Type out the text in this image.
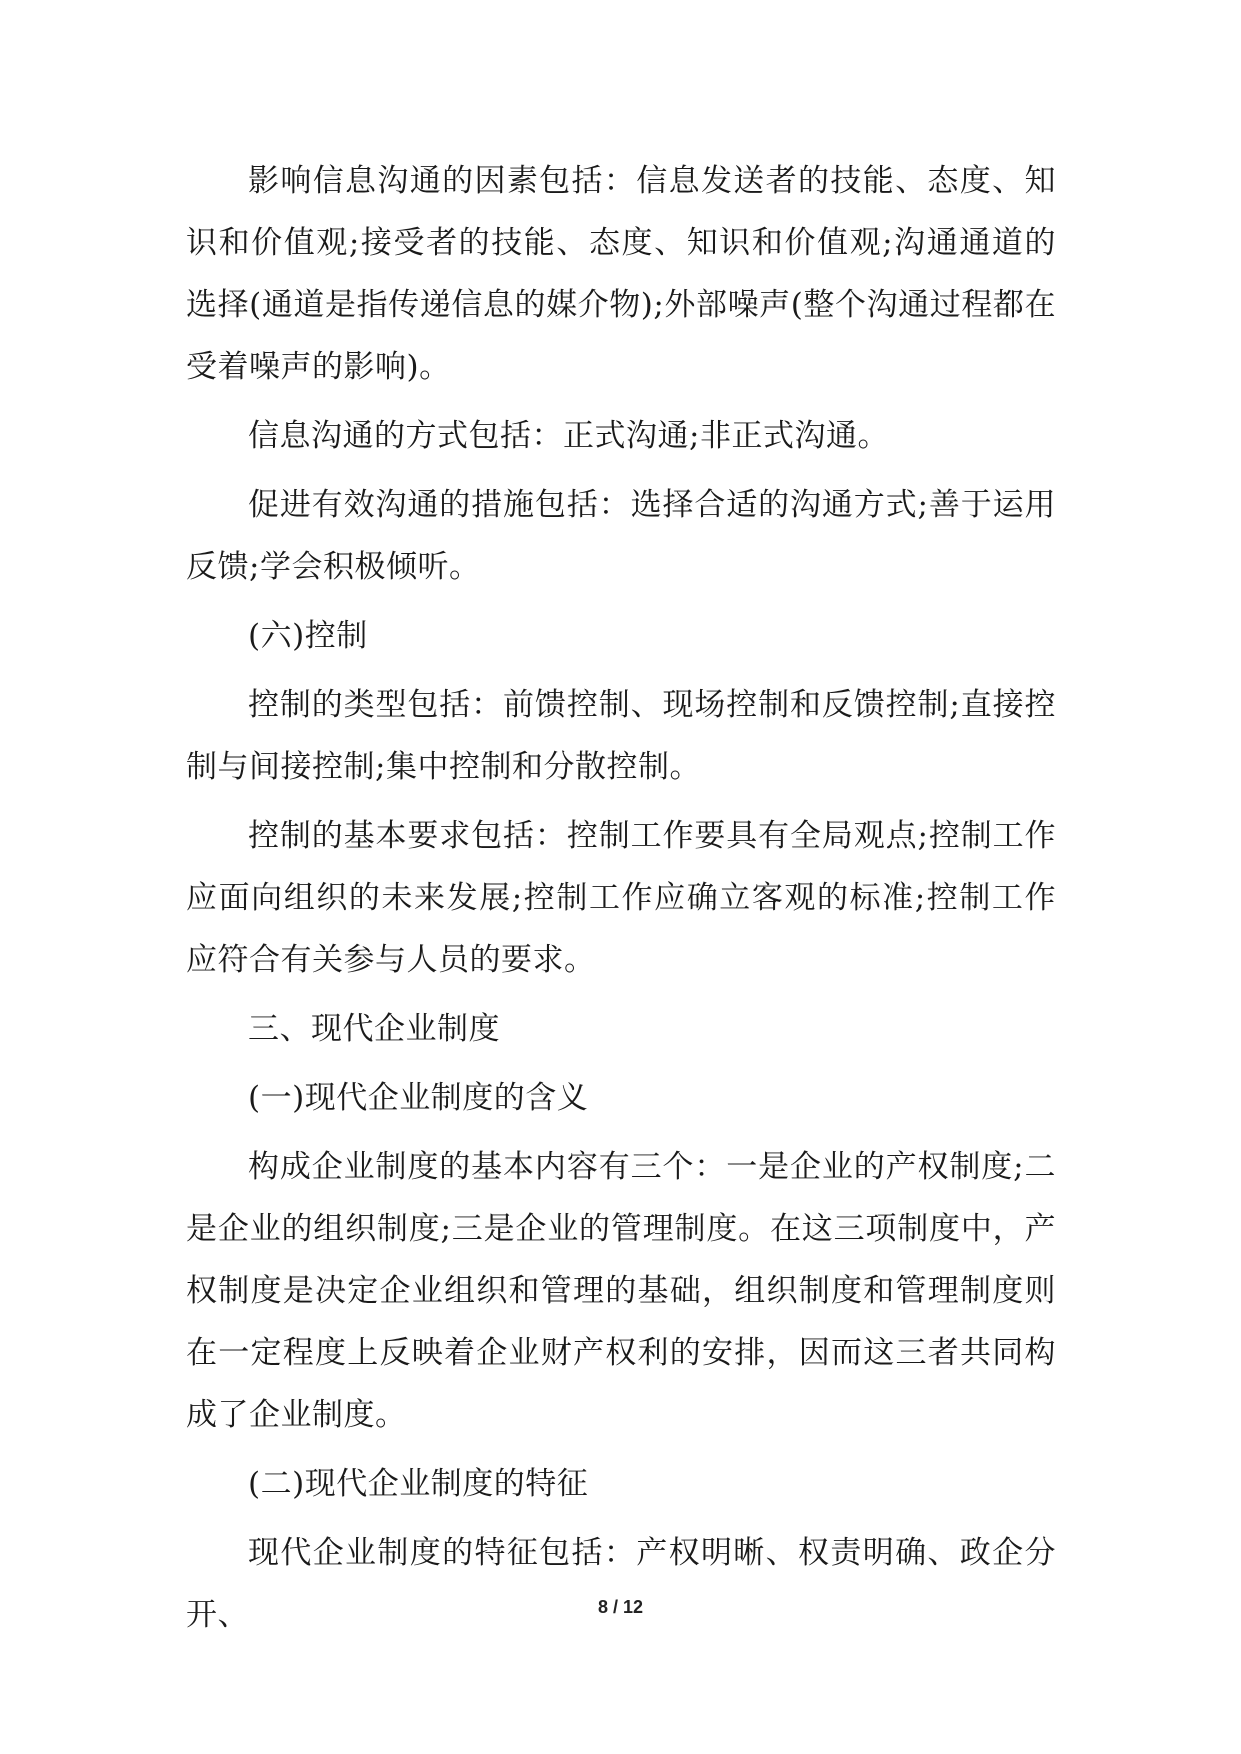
影响信息沟通的因素包括：信息发送者的技能、态度、知识和价值观;接受者的技能、态度、知识和价值观;沟通通道的选择(通道是指传递信息的媒介物);外部噪声(整个沟通过程都在受着噪声的影响)。

信息沟通的方式包括：正式沟通;非正式沟通。

促进有效沟通的措施包括：选择合适的沟通方式;善于运用反馈;学会积极倾听。

(六)控制

控制的类型包括：前馈控制、现场控制和反馈控制;直接控制与间接控制;集中控制和分散控制。

控制的基本要求包括：控制工作要具有全局观点;控制工作应面向组织的未来发展;控制工作应确立客观的标准;控制工作应符合有关参与人员的要求。

三、现代企业制度

(一)现代企业制度的含义

构成企业制度的基本内容有三个：一是企业的产权制度;二是企业的组织制度;三是企业的管理制度。在这三项制度中，产权制度是决定企业组织和管理的基础，组织制度和管理制度则在一定程度上反映着企业财产权利的安排，因而这三者共同构成了企业制度。

(二)现代企业制度的特征

现代企业制度的特征包括：产权明晰、权责明确、政企分开、	8 / 12
